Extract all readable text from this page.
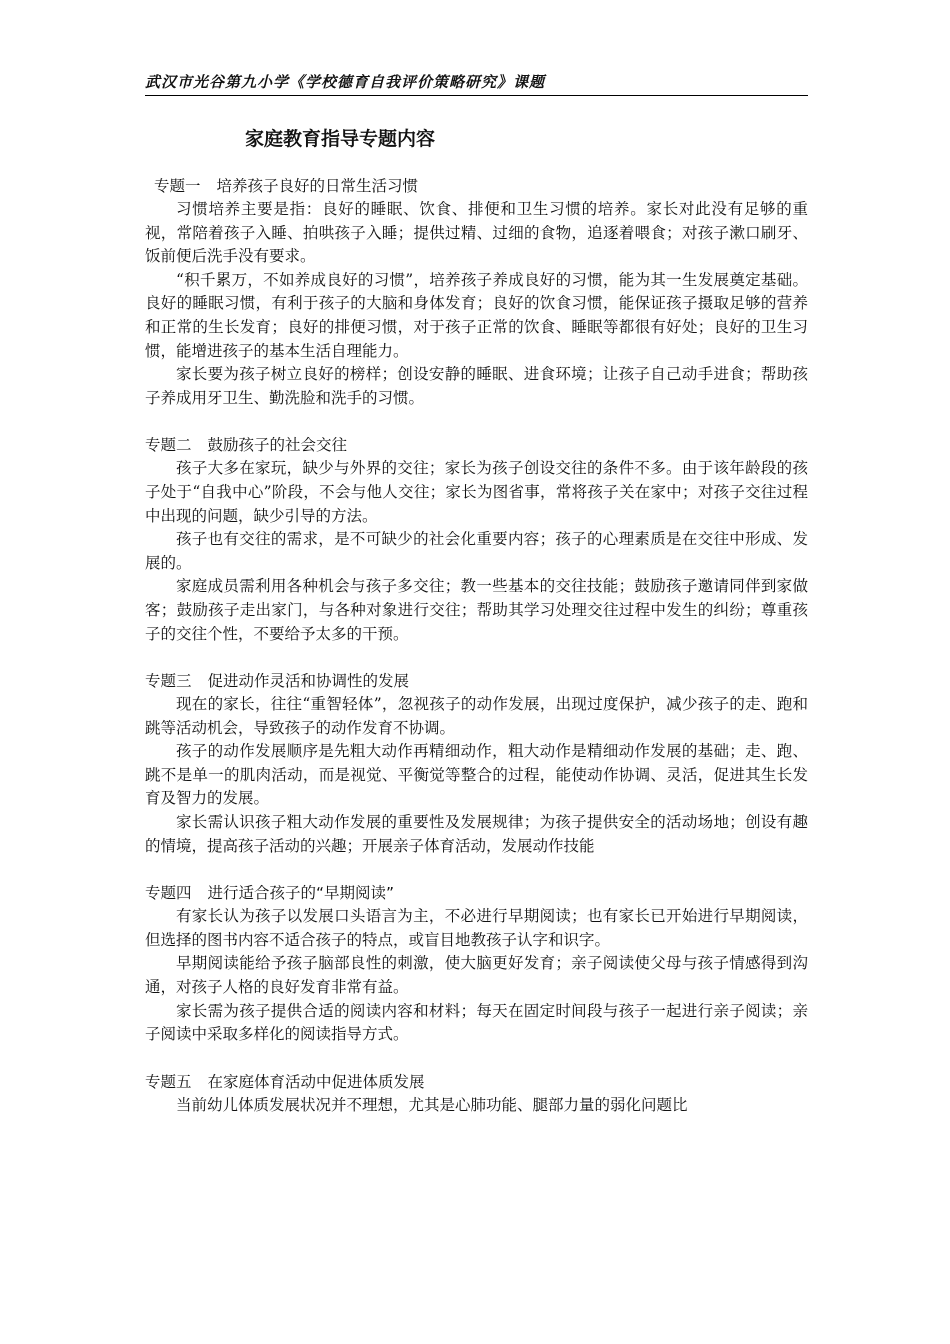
武汉市光谷第九小学《学校德育自我评价策略研究》课题
家庭教育指导专题内容
专题一 培养孩子良好的日常生活习惯

习惯培养主要是指：良好的睡眠、饮食、排便和卫生习惯的培养。家长对此没有足够的重视，常陪着孩子入睡、拍哄孩子入睡；提供过精、过细的食物，追逐着喂食；对孩子漱口刷牙、饭前便后洗手没有要求。

“积千累万，不如养成良好的习惯”，培养孩子养成良好的习惯，能为其一生发展奠定基础。良好的睡眠习惯，有利于孩子的大脑和身体发育；良好的饮食习惯，能保证孩子摄取足够的营养和正常的生长发育；良好的排便习惯，对于孩子正常的饮食、睡眠等都很有好处；良好的卫生习惯，能增进孩子的基本生活自理能力。

家长要为孩子树立良好的榜样；创设安静的睡眠、进食环境；让孩子自己动手进食；帮助孩子养成用牙卫生、勤洗脸和洗手的习惯。

专题二 鼓励孩子的社会交往

孩子大多在家玩，缺少与外界的交往；家长为孩子创设交往的条件不多。由于该年龄段的孩子处于“自我中心”阶段，不会与他人交往；家长为图省事，常将孩子关在家中；对孩子交往过程中出现的问题，缺少引导的方法。

孩子也有交往的需求，是不可缺少的社会化重要内容；孩子的心理素质是在交往中形成、发展的。

家庭成员需利用各种机会与孩子多交往；教一些基本的交往技能；鼓励孩子邀请同伴到家做客；鼓励孩子走出家门，与各种对象进行交往；帮助其学习处理交往过程中发生的纠纷；尊重孩子的交往个性，不要给予太多的干预。

专题三 促进动作灵活和协调性的发展

现在的家长，往往“重智轻体”，忽视孩子的动作发展，出现过度保护，减少孩子的走、跑和跳等活动机会，导致孩子的动作发育不协调。

孩子的动作发展顺序是先粗大动作再精细动作，粗大动作是精细动作发展的基础；走、跑、跳不是单一的肌肉活动，而是视觉、平衡觉等整合的过程，能使动作协调、灵活，促进其生长发育及智力的发展。

家长需认识孩子粗大动作发展的重要性及发展规律；为孩子提供安全的活动场地；创设有趣的情境，提高孩子活动的兴趣；开展亲子体育活动，发展动作技能

专题四 进行适合孩子的“早期阅读”

有家长认为孩子以发展口头语言为主，不必进行早期阅读；也有家长已开始进行早期阅读，但选择的图书内容不适合孩子的特点，或盲目地教孩子认字和识字。

早期阅读能给予孩子脑部良性的刺激，使大脑更好发育；亲子阅读使父母与孩子情感得到沟通，对孩子人格的良好发育非常有益。

家长需为孩子提供合适的阅读内容和材料；每天在固定时间段与孩子一起进行亲子阅读；亲子阅读中采取多样化的阅读指导方式。

专题五 在家庭体育活动中促进体质发展

当前幼儿体质发展状况并不理想，尤其是心肺功能、腿部力量的弱化问题比
